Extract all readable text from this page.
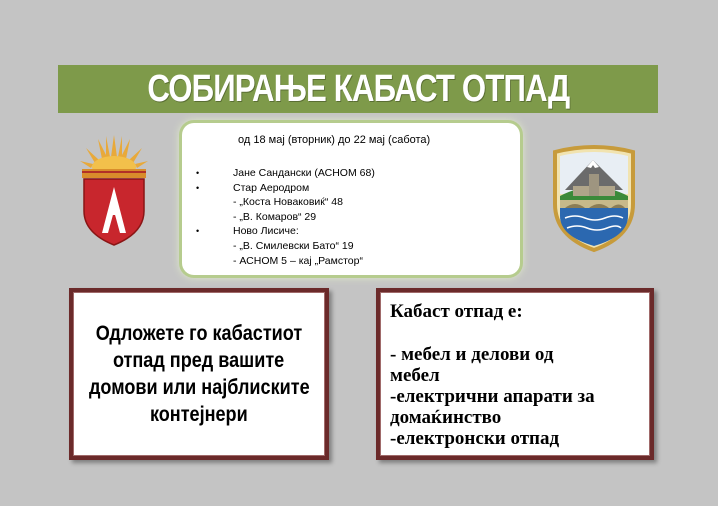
СОБИРАЊЕ КАБАСТ ОТПАД
од 18 мај (вторник) до 22 мај (сабота)
•	Јане Сандански (АСНОМ 68)
•	Стар Аеродром
- „Коста Новаковиќ“ 48
- „В. Комаров“ 29
•	Ново Лисиче:
- „В. Смилевски Бато“ 19
- АСНОМ 5 – кај „Рамстор“
Одложете го кабастиот
отпад пред вашите
домови или најблиските
контејнери
Кабаст отпад е:
- мебел и делови од
мебел
-електрични апарати за
домаќинство
-електронски отпад
